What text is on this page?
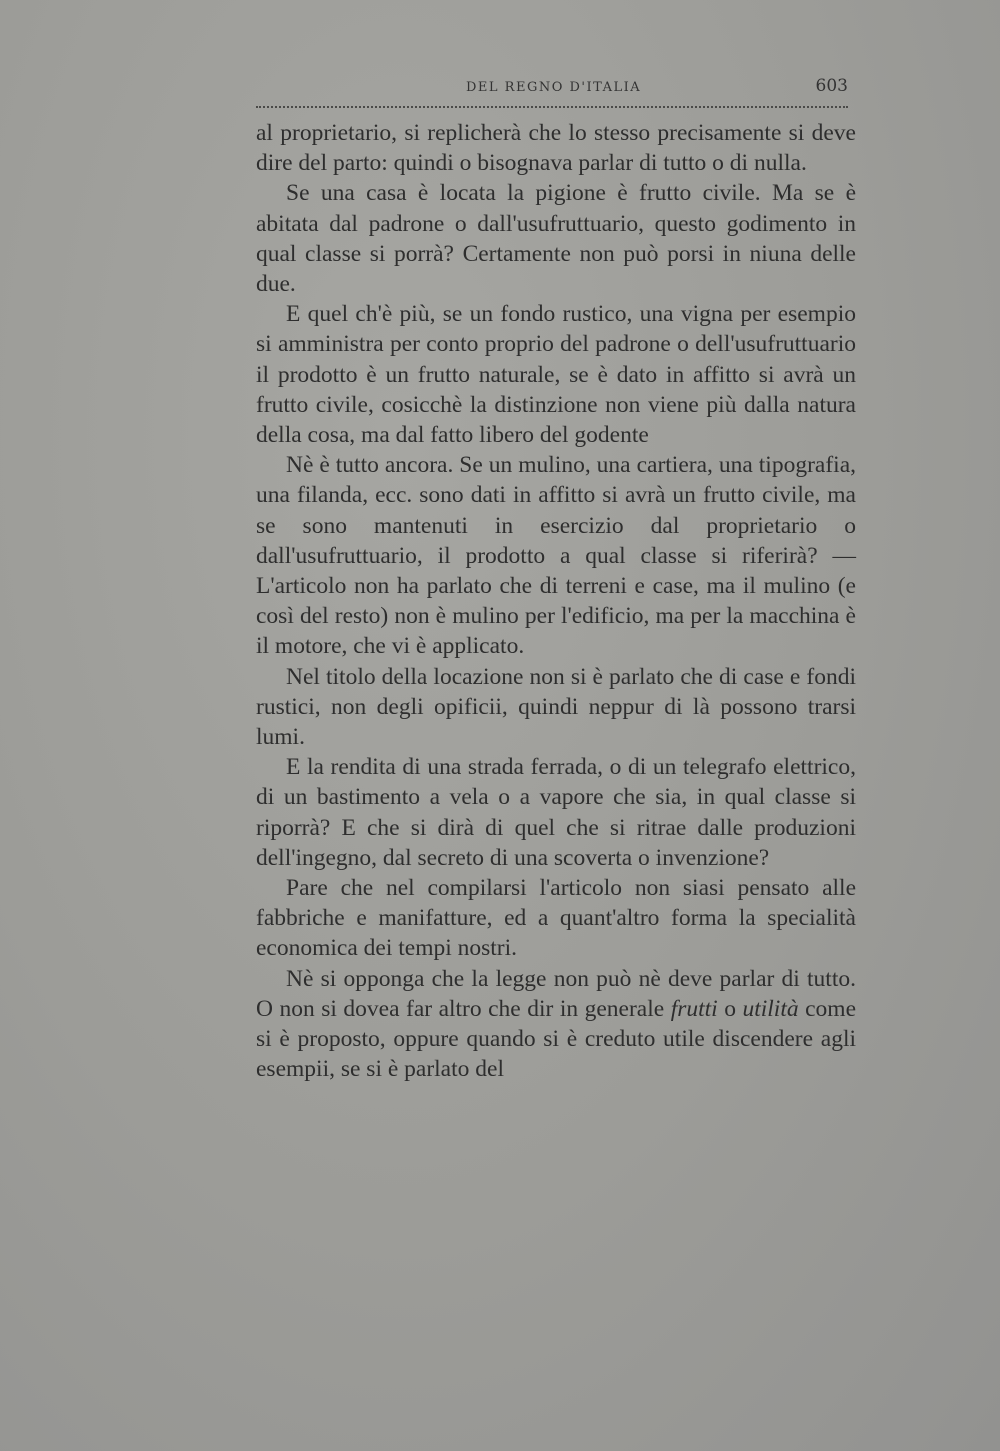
DEL REGNO D'ITALIA	603

al proprietario, si replicherà che lo stesso precisamente si deve dire del parto: quindi o bisognava parlar di tutto o di nulla.

Se una casa è locata la pigione è frutto civile. Ma se è abitata dal padrone o dall'usufruttuario, questo godimento in qual classe si porrà? Certamente non può porsi in niuna delle due.

E quel ch'è più, se un fondo rustico, una vigna per esempio si amministra per conto proprio del padrone o dell'usufruttuario il prodotto è un frutto naturale, se è dato in affitto si avrà un frutto civile, cosicchè la distinzione non viene più dalla natura della cosa, ma dal fatto libero del godente

Nè è tutto ancora. Se un mulino, una cartiera, una tipografia, una filanda, ecc. sono dati in affitto si avrà un frutto civile, ma se sono mantenuti in esercizio dal proprietario o dall'usufruttuario, il prodotto a qual classe si riferirà? — L'articolo non ha parlato che di terreni e case, ma il mulino (e così del resto) non è mulino per l'edificio, ma per la macchina è il motore, che vi è applicato.

Nel titolo della locazione non si è parlato che di case e fondi rustici, non degli opificii, quindi neppur di là possono trarsi lumi.

E la rendita di una strada ferrada, o di un telegrafo elettrico, di un bastimento a vela o a vapore che sia, in qual classe si riporrà? E che si dirà di quel che si ritrae dalle produzioni dell'ingegno, dal secreto di una scoverta o invenzione?

Pare che nel compilarsi l'articolo non siasi pensato alle fabbriche e manifatture, ed a quant'altro forma la specialità economica dei tempi nostri.

Nè si opponga che la legge non può nè deve parlar di tutto. O non si dovea far altro che dir in generale frutti o utilità come si è proposto, oppure quando si è creduto utile discendere agli esempii, se si è parlato del
